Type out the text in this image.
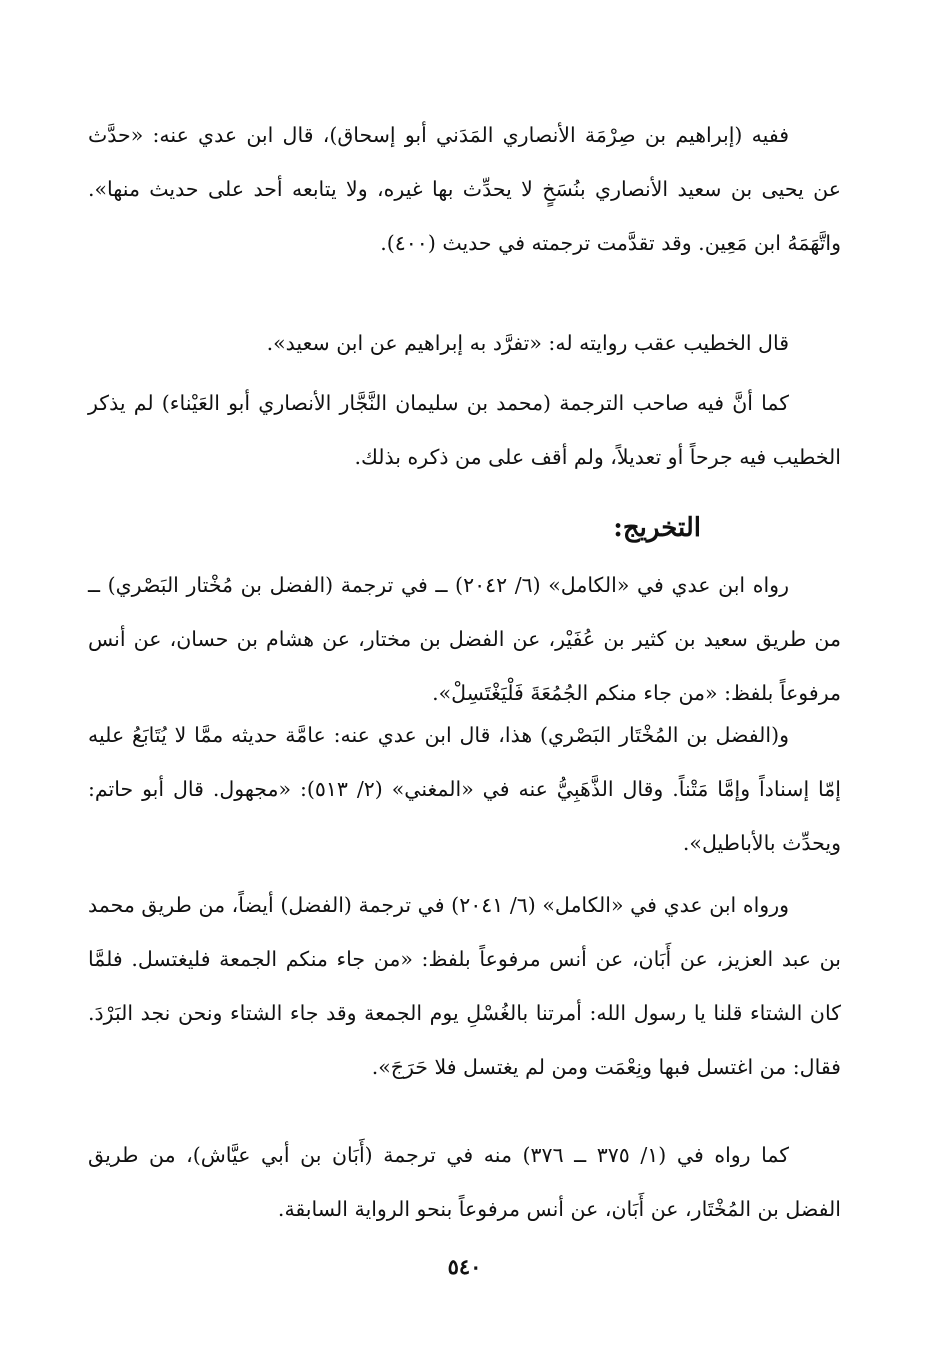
ففيه (إبراهيم بن صِرْمَة الأنصاري المَدَني أبو إسحاق)، قال ابن عدي عنه: «حدَّث عن يحيى بن سعيد الأنصاري بنُسَخٍ لا يحدِّث بها غيره، ولا يتابعه أحد على حديث منها». واتَّهَمَهُ ابن مَعِين. وقد تقدَّمت ترجمته في حديث (٤٠٠).

قال الخطيب عقب روايته له: «تفرَّد به إبراهيم عن ابن سعيد».

كما أنَّ فيه صاحب الترجمة (محمد بن سليمان النَّجَّار الأنصاري أبو العَيْناء) لم يذكر الخطيب فيه جرحاً أو تعديلاً، ولم أقف على من ذكره بذلك.

التخريج:

رواه ابن عدي في «الكامل» (٦/ ٢٠٤٢) ــ في ترجمة (الفضل بن مُخْتار البَصْري) ــ من طريق سعيد بن كثير بن عُفَيْر، عن الفضل بن مختار، عن هشام بن حسان، عن أنس مرفوعاً بلفظ: «من جاء منكم الجُمُعَةَ فَلْيَغْتَسِلْ».

و(الفضل بن المُخْتَار البَصْري) هذا، قال ابن عدي عنه: عامَّة حديثه ممَّا لا يُتَابَعُ عليه إمّا إسناداً وإمَّا مَتْناً. وقال الذَّهَبِيُّ عنه في «المغني» (٢/ ٥١٣): «مجهول. قال أبو حاتم: ويحدِّث بالأباطيل».

ورواه ابن عدي في «الكامل» (٦/ ٢٠٤١) في ترجمة (الفضل) أيضاً، من طريق محمد بن عبد العزيز، عن أَبَان، عن أنس مرفوعاً بلفظ: «من جاء منكم الجمعة فليغتسل. فلمَّا كان الشتاء قلنا يا رسول الله: أمرتنا بالغُسْلِ يوم الجمعة وقد جاء الشتاء ونحن نجد البَرْدَ. فقال: من اغتسل فبها ونِعْمَت ومن لم يغتسل فلا حَرَجَ».

كما رواه في (١/ ٣٧٥ ــ ٣٧٦) منه في ترجمة (أَبَان بن أبي عيَّاش)، من طريق الفضل بن المُخْتَار، عن أَبَان، عن أنس مرفوعاً بنحو الرواية السابقة.

٥٤٠
